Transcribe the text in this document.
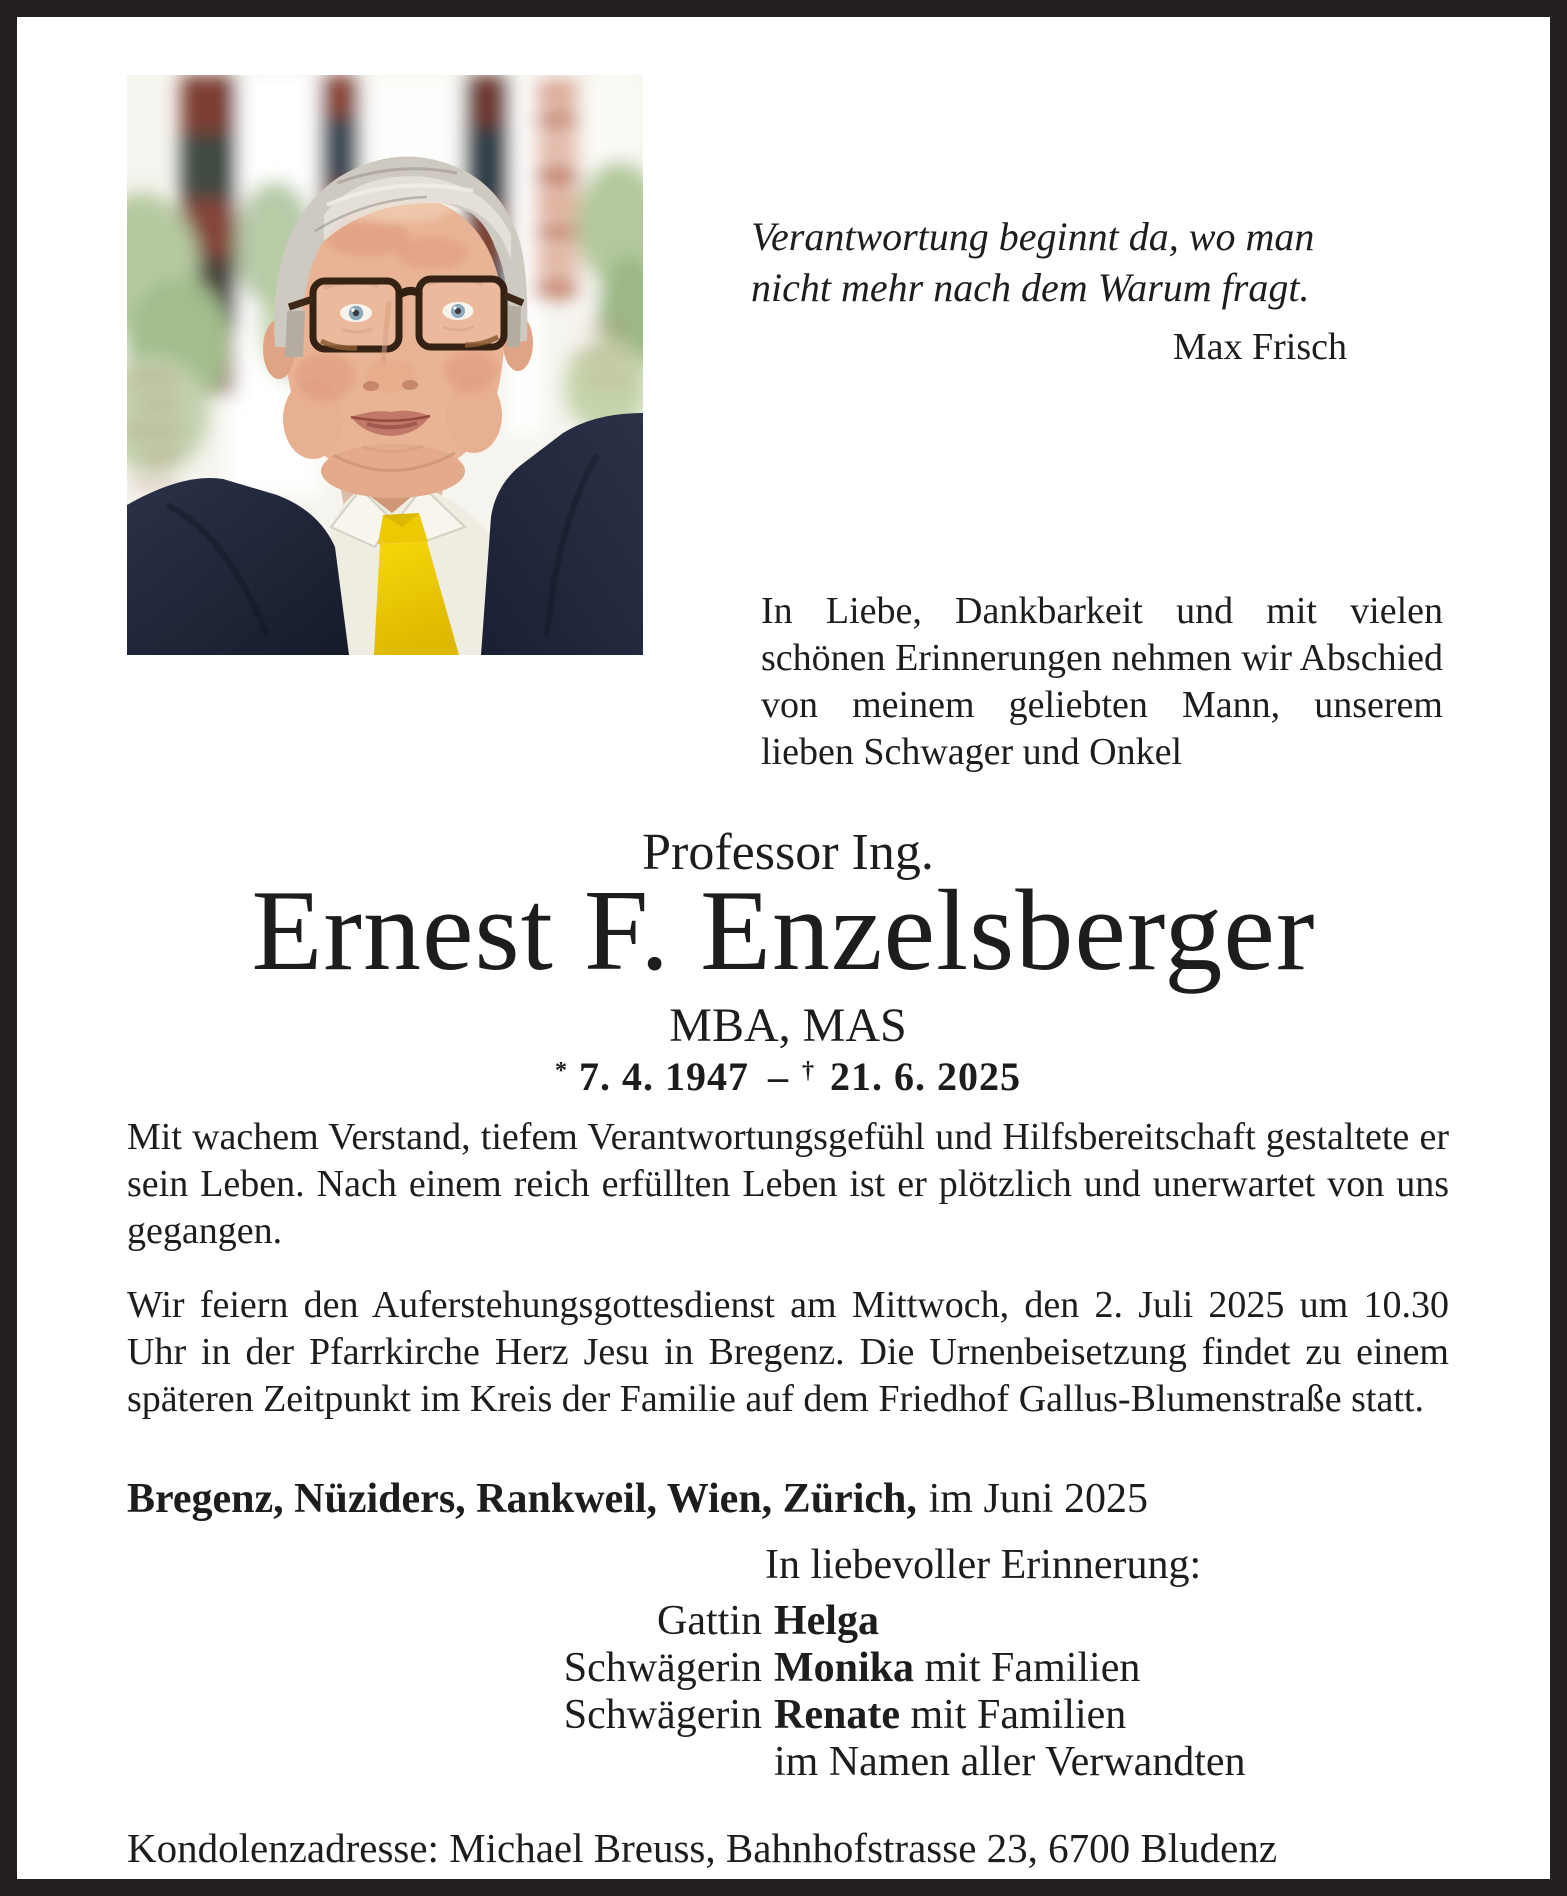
Verantwortung beginnt da, wo man
nicht mehr nach dem Warum fragt.
Max Frisch
In Liebe, Dankbarkeit und mit vielen schönen Erinnerungen nehmen wir Abschied von meinem geliebten Mann, unserem lieben Schwager und Onkel
Professor Ing.
Ernest F. Enzelsberger
MBA, MAS
* 7. 4. 1947 – † 21. 6. 2025
Mit wachem Verstand, tiefem Verantwortungsgefühl und Hilfsbereitschaft gestaltete er sein Leben. Nach einem reich erfüllten Leben ist er plötzlich und unerwartet von uns gegangen.
Wir feiern den Auferstehungsgottesdienst am Mittwoch, den 2. Juli 2025 um 10.30 Uhr in der Pfarrkirche Herz Jesu in Bregenz. Die Urnenbeisetzung findet zu einem späteren Zeitpunkt im Kreis der Familie auf dem Friedhof Gallus-Blumenstraße statt.
Bregenz, Nüziders, Rankweil, Wien, Zürich, im Juni 2025
In liebevoller Erinnerung:
Gattin Helga
Schwägerin Monika mit Familien
Schwägerin Renate mit Familien
im Namen aller Verwandten
Kondolenzadresse: Michael Breuss, Bahnhofstrasse 23, 6700 Bludenz
